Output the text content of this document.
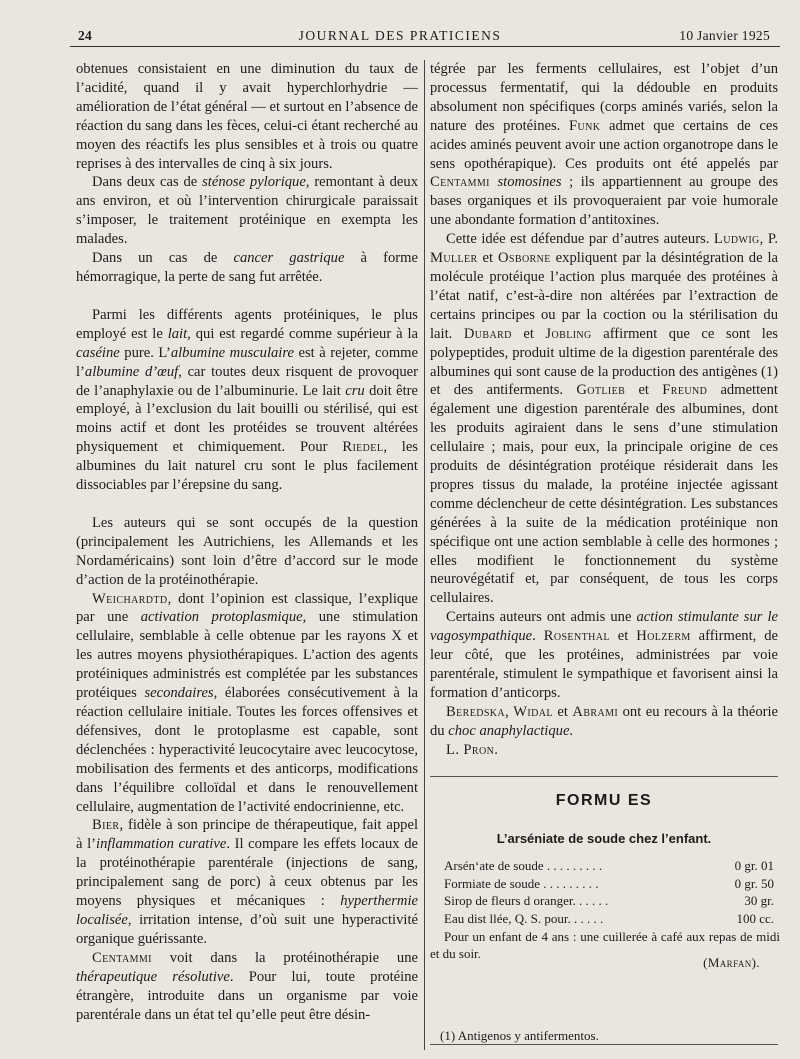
24	JOURNAL DES PRATICIENS	10 Janvier 1925

obtenues consistaient en une diminution du taux de l’acidité, quand il y avait hyperchlorhydrie — amélioration de l’état général — et surtout en l’absence de réaction du sang dans les fèces, celui-ci étant recherché au moyen des réactifs les plus sensibles et à trois ou quatre reprises à des intervalles de cinq à six jours.

Dans deux cas de sténose pylorique, remontant à deux ans environ, et où l’intervention chirurgicale paraissait s’imposer, le traitement protéinique en exempta les malades.

Dans un cas de cancer gastrique à forme hémorragique, la perte de sang fut arrêtée.

Parmi les différents agents protéiniques, le plus employé est le lait, qui est regardé comme supérieur à la caséine pure. L’albumine musculaire est à rejeter, comme l’albumine d’œuf, car toutes deux risquent de provoquer de l’anaphylaxie ou de l’albuminurie. Le lait cru doit être employé, à l’exclusion du lait bouilli ou stérilisé, qui est moins actif et dont les protéides se trouvent altérées physiquement et chimiquement. Pour Riedel, les albumines du lait naturel cru sont le plus facilement dissociables par l’érepsine du sang.

Les auteurs qui se sont occupés de la question (principalement les Autrichiens, les Allemands et les Nordaméricains) sont loin d’être d’accord sur le mode d’action de la protéinothérapie.

Weichardtd, dont l’opinion est classique, l’explique par une activation protoplasmique, une stimulation cellulaire, semblable à celle obtenue par les rayons X et les autres moyens physiothérapiques. L’action des agents protéiniques administrés est complétée par les substances protéiques secondaires, élaborées consécutivement à la réaction cellulaire initiale. Toutes les forces offensives et défensives, dont le protoplasme est capable, sont déclenchées : hyperactivité leucocytaire avec leucocytose, mobilisation des ferments et des anticorps, modifications dans l’équilibre colloïdal et dans le renouvellement cellulaire, augmentation de l’activité endocrinienne, etc.

Bier, fidèle à son principe de thérapeutique, fait appel à l’inflammation curative. Il compare les effets locaux de la protéinothérapie parentérale (injections de sang, principalement sang de porc) à ceux obtenus par les moyens physiques et mécaniques : hyperthermie localisée, irritation intense, d’où suit une hyperactivité organique guérissante.

Centammi voit dans la protéinothérapie une thérapeutique résolutive. Pour lui, toute protéine étrangère, introduite dans un organisme par voie parentérale dans un état tel qu’elle peut être désin-

tégrée par les ferments cellulaires, est l’objet d’un processus fermentatif, qui la dédouble en produits absolument non spécifiques (corps aminés variés, selon la nature des protéines. Funk admet que certains de ces acides aminés peuvent avoir une action organotrope dans le sens opothérapique). Ces produits ont été appelés par Centammi stomosines ; ils appartiennent au groupe des bases organiques et ils provoqueraient par voie humorale une abondante formation d’antitoxines.

Cette idée est défendue par d’autres auteurs. Ludwig, P. Muller et Osborne expliquent par la désintégration de la molécule protéique l’action plus marquée des protéines à l’état natif, c’est-à-dire non altérées par l’extraction de certains principes ou par la coction ou la stérilisation du lait. Dubard et Jobling affirment que ce sont les polypeptides, produit ultime de la digestion parentérale des albumines qui sont cause de la production des antigènes (1) et des antiferments. Gotlieb et Freund admettent également une digestion parentérale des albumines, dont les produits agiraient dans le sens d’une stimulation cellulaire ; mais, pour eux, la principale origine de ces produits de désintégration protéique résiderait dans les propres tissus du malade, la protéine injectée agissant comme déclencheur de cette désintégration. Les substances générées à la suite de la médication protéinique non spécifique ont une action semblable à celle des hormones ; elles modifient le fonctionnement du système neurovégétatif et, par conséquent, de tous les corps cellulaires.

Certains auteurs ont admis une action stimulante sur le vagosympathique. Rosenthal et Holzerm affirment, de leur côté, que les protéines, administrées par voie parentérale, stimulent le sympathique et favorisent ainsi la formation d’anticorps.

Beredska, Widal et Abrami ont eu recours à la théorie du choc anaphylactique.

L. Pron.

FORMU ES
L’arséniate de soude chez l’enfant.
Arsén‘ate de soude . . . . . . . . .	0 gr. 01
Formiate de soude . . . . . . . . .	0 gr. 50
Sirop de fleurs d oranger. . . . . .	30 gr.
Eau dist llée, Q. S. pour. . . . . .	100 cc.
Pour un enfant de 4 ans : une cuillerée à café aux repas de midi et du soir.
(Marfan).
(1) Antigenos y antifermentos.
